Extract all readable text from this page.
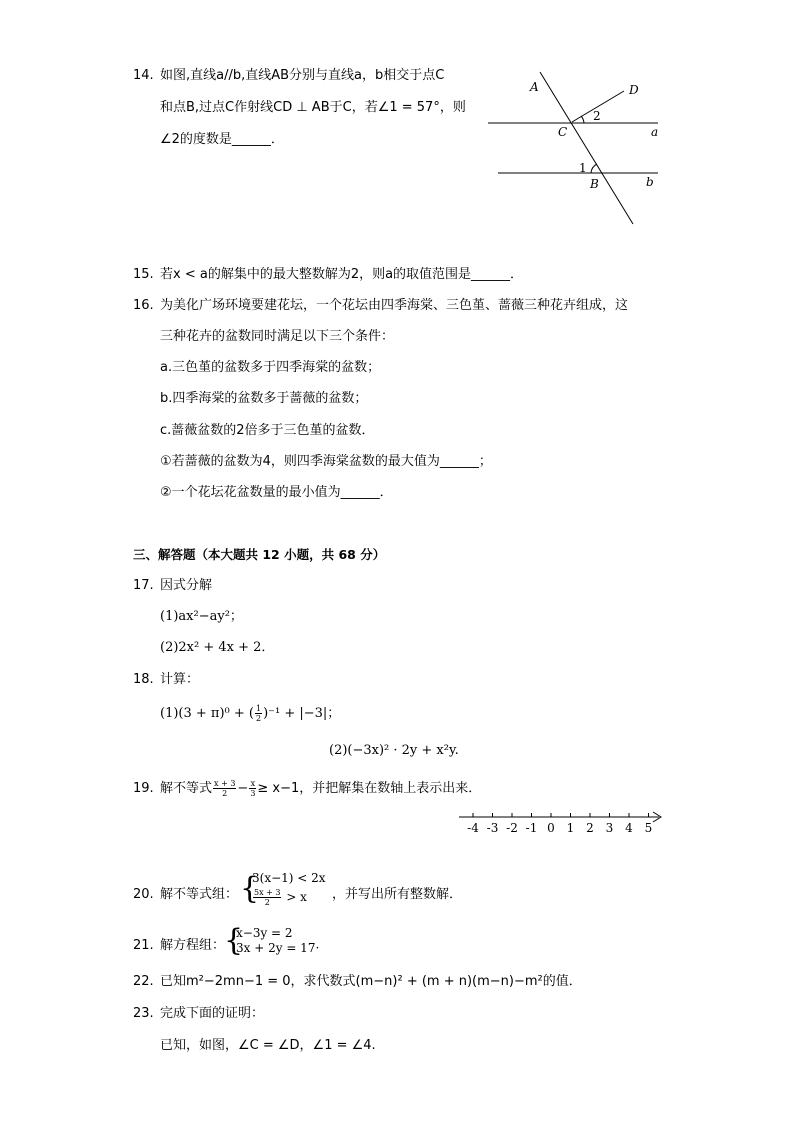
14. 如图,直线a//b,直线AB分别与直线a，b相交于点C
和点B,过点C作射线CD ⊥ AB于C，若∠1 = 57°，则
∠2的度数是______．
A	D
2
C	a
1
B	b
15. 若x < a的解集中的最大整数解为2，则a的取值范围是______．
16. 为美化广场环境要建花坛，一个花坛由四季海棠、三色堇、蔷薇三种花卉组成，这
三种花卉的盆数同时满足以下三个条件：
a.三色堇的盆数多于四季海棠的盆数；
b.四季海棠的盆数多于蔷薇的盆数；
c.蔷薇盆数的2倍多于三色堇的盆数．
①若蔷薇的盆数为4，则四季海棠盆数的最大值为______；
②一个花坛花盆数量的最小值为______．
三、解答题（本大题共 12 小题，共 68 分）
17. 因式分解
(1)ax²−ay²；
(2)2x² + 4x + 2．
18. 计算：
(1)(3 + π)⁰ + ( $\frac{1}{2} )^{-1} + |-3|$；
(2)(−3x)² · 2y + x²y.
19. 解不等式 $\frac{x + 3}{2} - \frac{x}{3} \ge x-1$，并把解集在数轴上表示出来．
-4 -3 -2 -1 0 1 2 3 4 5
20. 解不等式组： {
3(x−1) < 2x
$\frac{5x + 3}{2} > x$ ，并写出所有整数解．
21. 解方程组：
{
x−3y = 2
3x + 2y = 17·
22. 已知m²−2mn−1 = 0，求代数式(m−n)² + (m + n)(m−n)−m²的值．
23. 完成下面的证明：
已知，如图，∠C = ∠D，∠1 = ∠4.
